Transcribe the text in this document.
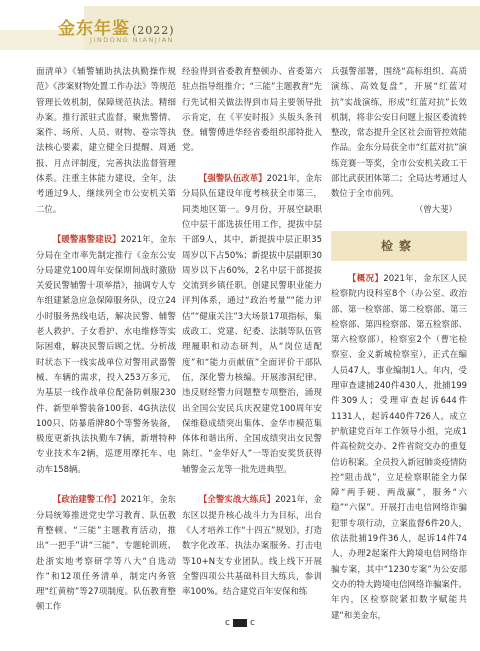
金东年鉴 (2022)
JINDONG NIANJIAN

面清单》《辅警辅助执法执勤操作规范》《涉案财物处置工作办法》等规范管理长效机制，保障规范执法。精细办案。推行派驻式监督，聚焦警情、案件、场所、人员、财物、卷宗等执法核心要素，建立健全日提醒、周通报、月点评制度，完善执法监督管理体系。注重主体能力建设，全年，法考通过9人，继续列全市公安机关第二位。

【暖警惠警建设】2021年，金东分局在全市率先制定推行《金东公安分局建党100周年安保期间战时激励关爱民警辅警十项举措》，抽调专人专车组建紧急应急保障服务队，设立24小时服务热线电话，解决民警、辅警老人救护、子女看护、水电维修等实际困难，解决民警后顾之忧。分析战时状态下一线实战单位对警用武器警械、车辆的需求，投入253万多元，为基层一线作战单位配备防刺服230件、新型单警装备100套、4G执法仪100只、防暴盾牌80个等警务装备，极度更新执法执勤车7辆，新增特种专业技术车2辆，巡逻用摩托车、电动车158辆。

【政治建警工作】2021年，金东分局统筹推进党史学习教育、队伍教育整顿、“三能”主题教育活动，推出“一把手”讲“三能”、专题轮训班、赴浙实地考察研学等八大“自选动作”和12项任务清单，制定内务管理“红黄榜”等27项制度。队伍教育整顿工作

经验得到省委教育整顿办、省委第六驻点指导组推介；“三能”主题教育“先行先试相关做法得到市局主要领导批示肯定，在《平安时报》头版头条刊登。辅警傅进华经省委组织部特批入党。

【强警队伍改革】2021年，金东分局队伍建设年度考核获全市第三，同类地区第一。9月份，开展空缺职位中层干部选拔任用工作，提拔中层干部9人，其中，新提拔中层正职35周岁以下占50%；新提拔中层副职30周岁以下占60%，2名中层干部提拔交流到乡镇任职。创建民警职业能力评判体系，通过“政治考量”“能力评估”“健康关注”3大场景17项指标，集成政工、党建、纪委、法制等队伍管理履职和动态研判，从“岗位适配度”和“能力贡献值”全面评价干部队伍，深化警力核编。开展渗洞纪律、违反财经警力问题整专项整治，涌现出全国公安民兵庆祝建党100周年安保维稳成绩突出集体、金华市模范集体体和谐出所、全国成绩突出女民警陈红、“金华好人”一等治安奖货获得辅警金云龙等一批先进典型。

【全警实战大练兵】2021年，金东区以提升核心战斗力为目标，出台《人才培养工作“十四五”规划》，打造数字化改革、执法办案服务、打击电等10+N支专业团队。线上线下开展全警四项公共基础科目大练兵，参训率100%。结合建党百年安保和练

兵强警部署，围绕“高标组织、高质演练、高效复盘”，开展“红蓝对抗”实战演练，形成“红蓝对抗”长效机制，将非公安日问题上报区委流转整改，常态提升全区社会面管控效能作品。金东分局获全市“红蓝对抗”演练竞赛一等奖，全市公安机关政工干部比武获团体第二；全局达考通过人数位于全市前列。

（曾大斐）

检察

【概况】2021年，金东区人民检察院内设科室8个（办公室、政治部、第一检察部、第二检察部、第三检察部、第四检察部、第五检察部、第六检察部），检察室2个（曹宅检察室、金义新城检察室），正式在编人员47人，事业编制1人。年内，受理审查逮捕240件430人，批捕199件309人；受理审查起诉644件1131人，起诉440件726人。成立护航建党百年工作领导小组，完成1件高检院交办、2件省院交办的重复信访积案。全员投入新冠肺炎疫情防控“阻击战”，立足检察职能全力保障“两手硬、两战赢”，服务“六稳”“六保”。开展打击电信网络诈骗犯罪专项行动，立案监督6件20人，依法批捕19件36人，起诉14件74人，办理2起案件大跨境电信网络诈骗专案，其中“1230专案”为公安部交办的特大跨境电信网络诈骗案件。年内，区检察院紧扣数字赋能共建“和美金东，

c c
